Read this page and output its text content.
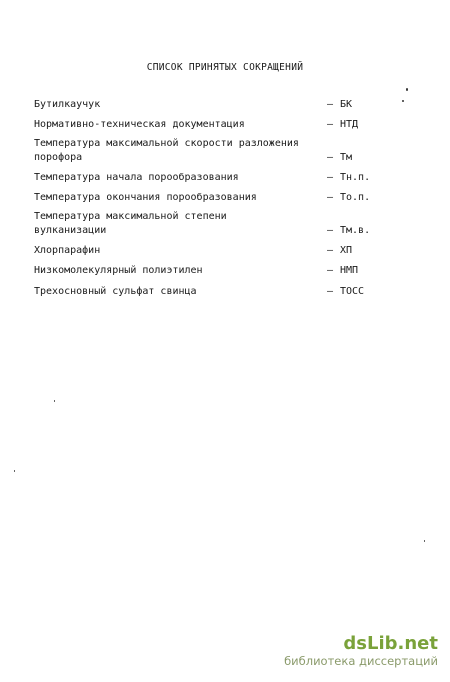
СПИСОК ПРИНЯТЫХ СОКРАЩЕНИЙ
Бутилкаучук	– БК
Нормативно-техническая документация	– НТД
Температура максимальной скорости разложения порофора	– Тм
Температура начала порообразования	– Тн.п.
Температура окончания порообразования	– То.п.
Температура максимальной степени вулканизации	– Тм.в.
Хлорпарафин	– ХП
Низкомолекулярный полиэтилен	– НМП
Трехосновный сульфат свинца	– ТОСС
dsLib.net
библиотека диссертаций
